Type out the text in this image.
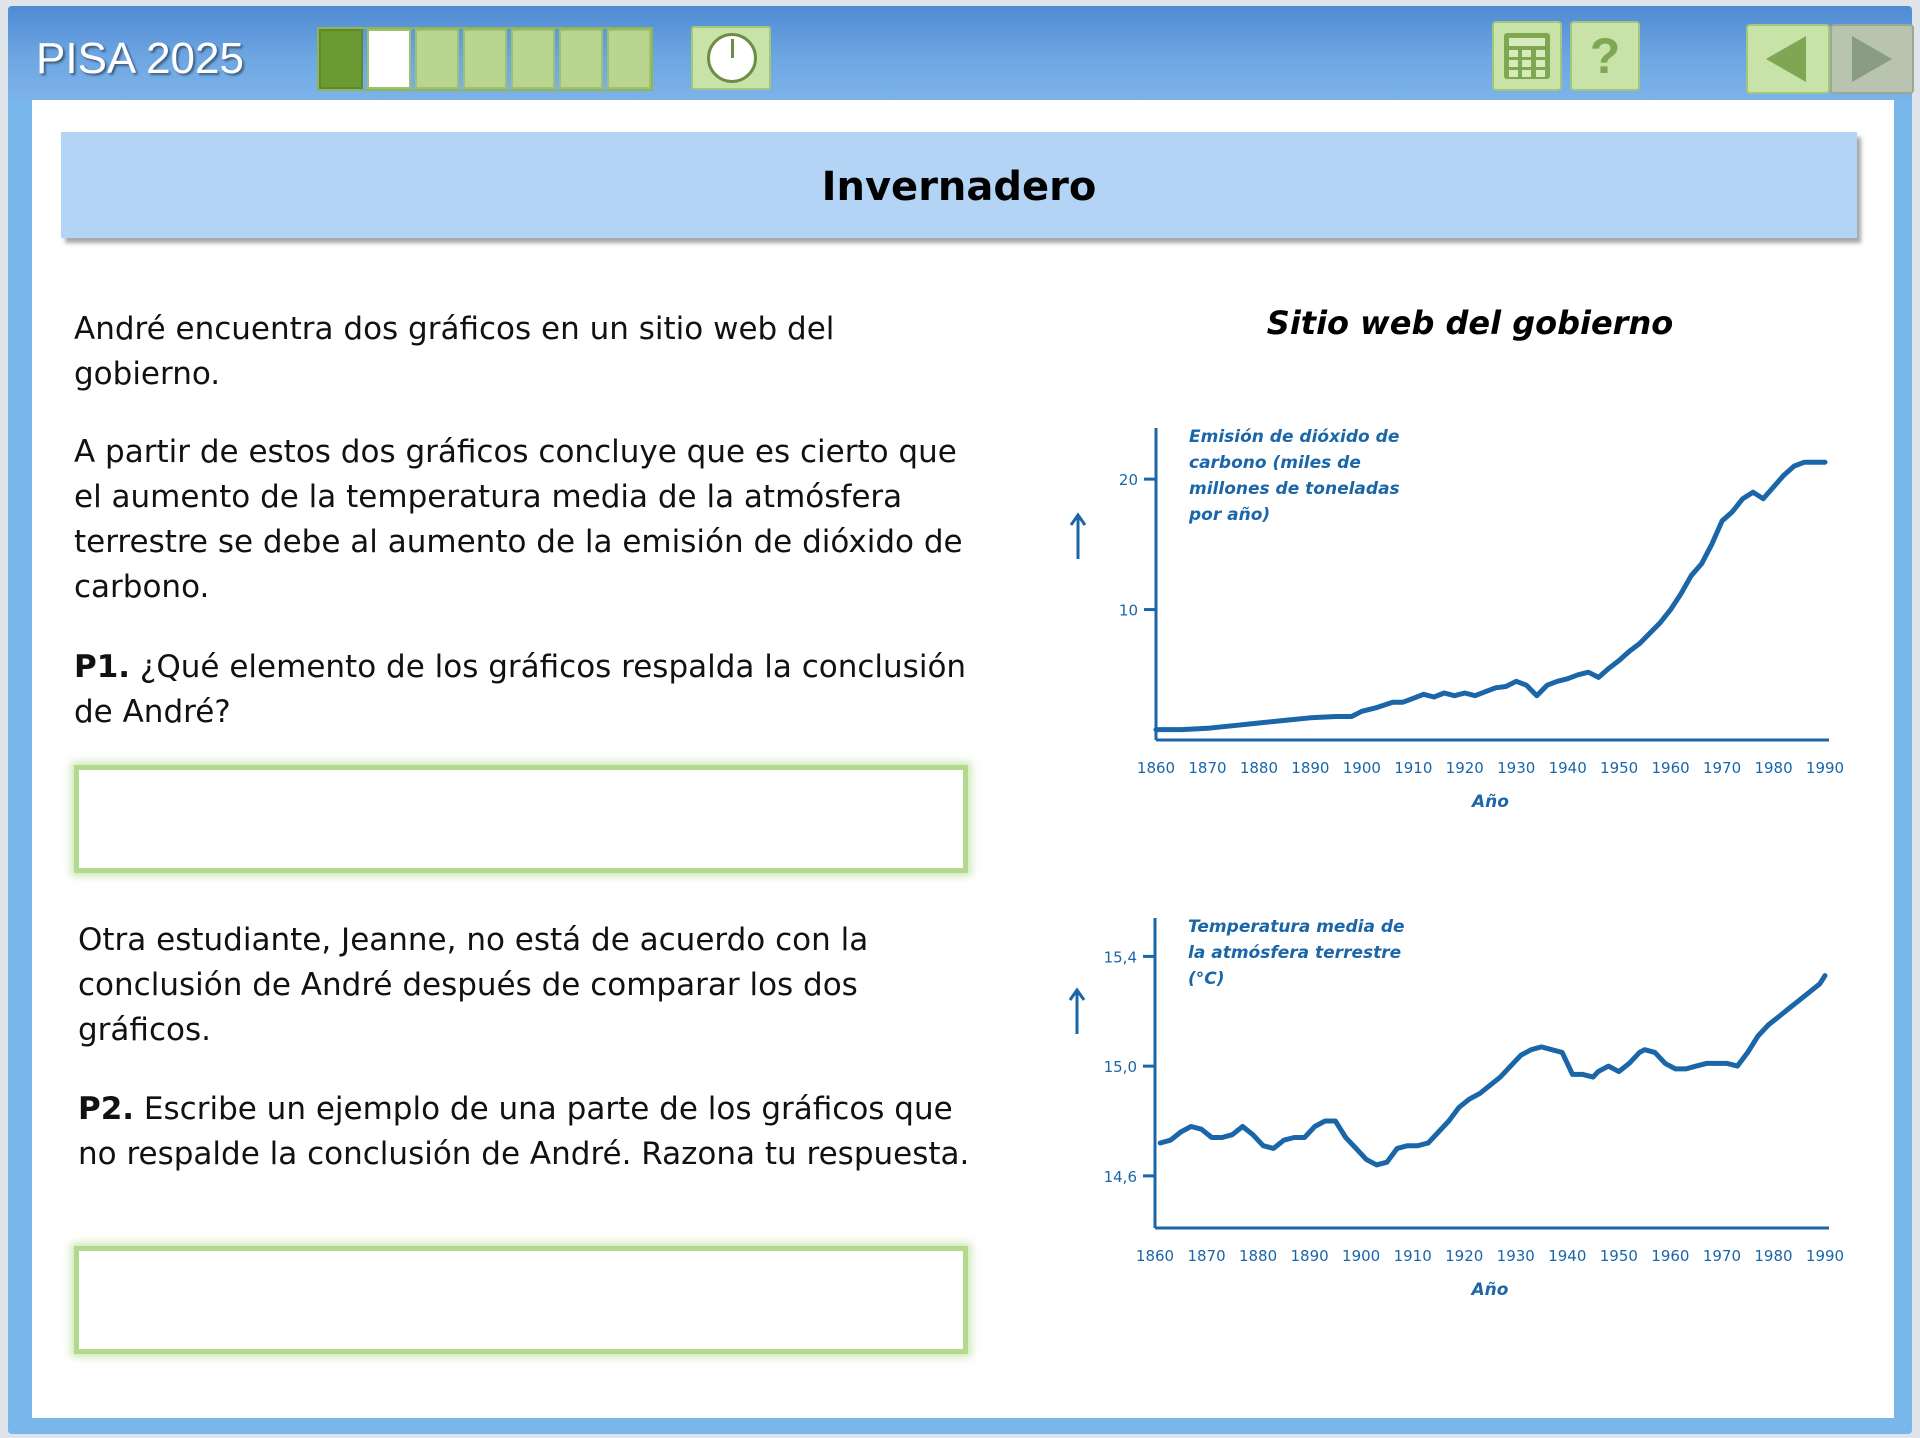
PISA 2025	?
Invernadero
André encuentra dos gráficos en un sitio web del gobierno.
A partir de estos dos gráficos concluye que es cierto que el aumento de la temperatura media de la atmósfera terrestre se debe al aumento de la emisión de dióxido de carbono.
P1. ¿Qué elemento de los gráficos respalda la conclusión de André?
Otra estudiante, Jeanne, no está de acuerdo con la conclusión de André después de comparar los dos gráficos.
P2. Escribe un ejemplo de una parte de los gráficos que no respalde la conclusión de André. Razona tu respuesta.
Sitio web del gobierno
10
20
1860 1870 1880 1890 1900 1910 1920 1930 1940 1950 1960 1970 1980 1990
Año
Emisión de dióxido de
carbono (miles de
millones de toneladas
por año)
14,6
15,0
15,4
1860 1870 1880 1890 1900 1910 1920 1930 1940 1950 1960 1970 1980 1990
Año
Temperatura media de
la atmósfera terrestre
(°C)
